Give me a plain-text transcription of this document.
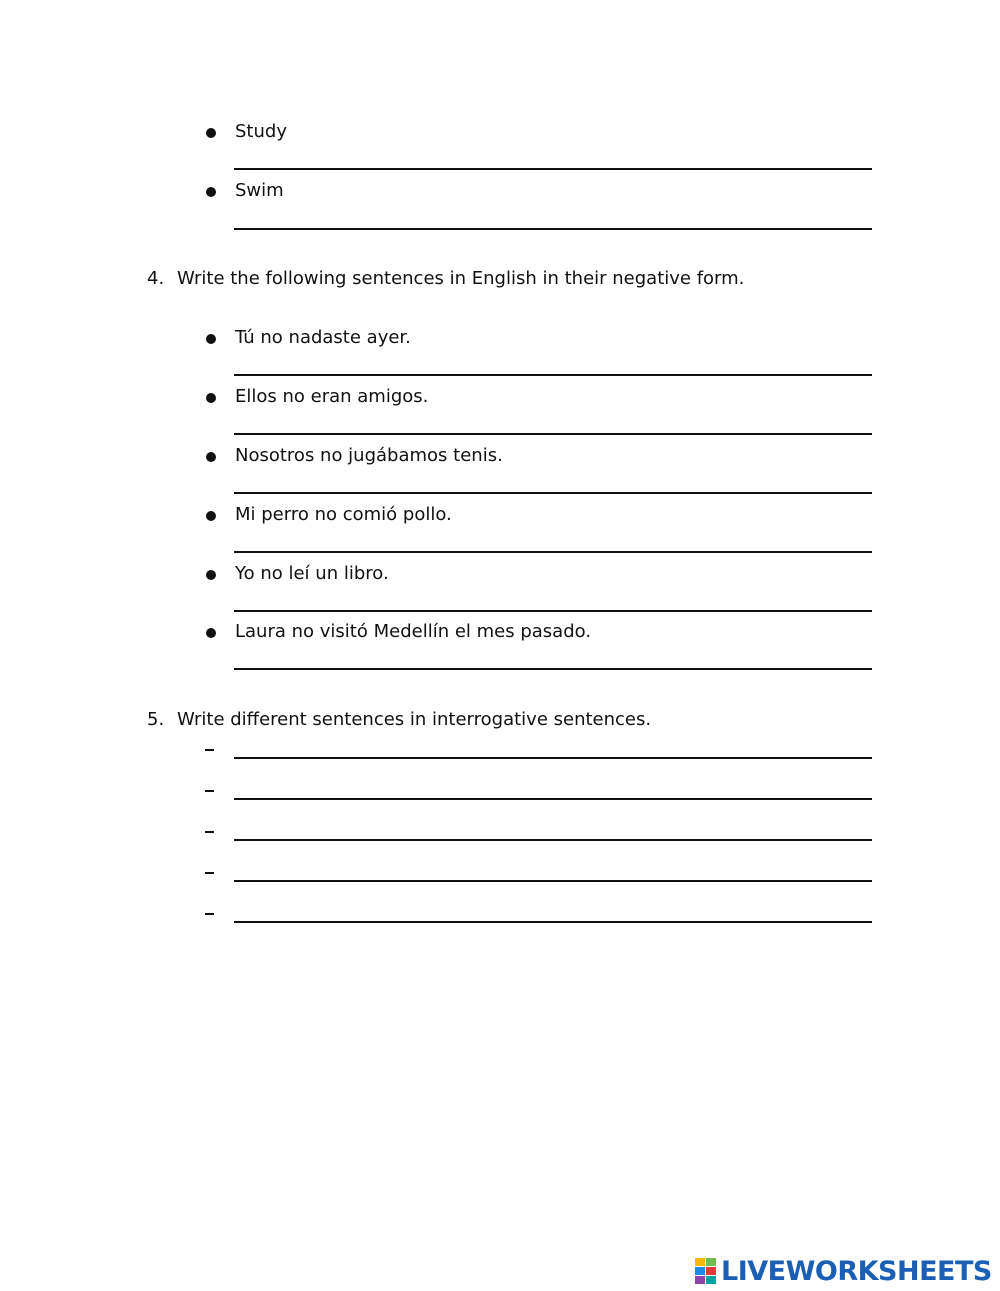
Study
Swim
4. Write the following sentences in English in their negative form.
Tú no nadaste ayer.
Ellos no eran amigos.
Nosotros no jugábamos tenis.
Mi perro no comió pollo.
Yo no leí un libro.
Laura no visitó Medellín el mes pasado.
5. Write different sentences in interrogative sentences.
LIVEWORKSHEETS
